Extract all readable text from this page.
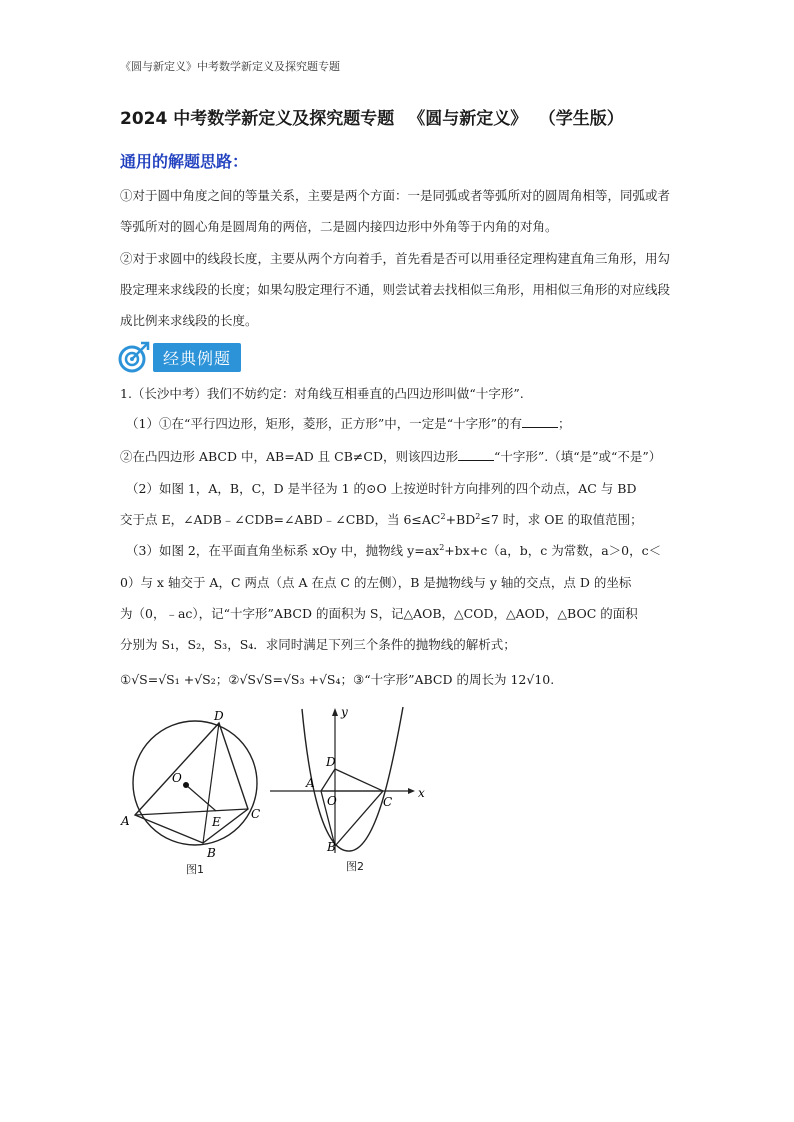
《圆与新定义》中考数学新定义及探究题专题
2024 中考数学新定义及探究题专题 《圆与新定义》 （学生版）
通用的解题思路：
①对于圆中角度之间的等量关系，主要是两个方面：一是同弧或者等弧所对的圆周角相等，同弧或者等弧所对的圆心角是圆周角的两倍，二是圆内接四边形中外角等于内角的对角。
②对于求圆中的线段长度，主要从两个方向着手，首先看是否可以用垂径定理构建直角三角形，用勾股定理来求线段的长度；如果勾股定理行不通，则尝试着去找相似三角形，用相似三角形的对应线段成比例来求线段的长度。
经典例题
1.（长沙中考）我们不妨约定：对角线互相垂直的凸四边形叫做“十字形”.
（1）①在“平行四边形，矩形，菱形，正方形”中，一定是“十字形”的有	；
②在凸四边形 ABCD 中，AB=AD 且 CB≠CD，则该四边形	“十字形”.（填“是”或“不是”）
（2）如图 1，A，B，C，D 是半径为 1 的⊙O 上按逆时针方向排列的四个动点，AC 与 BD
交于点 E，∠ADB﹣∠CDB=∠ABD﹣∠CBD，当 $6\le AC^2+BD^2\le 7$ 时，求 OE 的取值范围；
（3）如图 2，在平面直角坐标系 xOy 中，抛物线 $y=ax^2+bx+c(a$，b，c 为常数，a＞0，c＜
0）与 x 轴交于 A，C 两点（点 A 在点 C 的左侧），B 是抛物线与 y 轴的交点，点 D 的坐标
为（0，﹣ac），记“十字形”ABCD 的面积为 S，记△AOB，△COD，△AOD，△BOC 的面积
分别为 S₁，S₂，S₃，S₄．求同时满足下列三个条件的抛物线的解析式；
①√S=√S₁ +√S₂；②√S√S=√S₃ +√S₄；③“十字形”ABCD 的周长为 12√10.
D
O
A	E
C
B
图1
y
D
A
O	C
x
B
图2
